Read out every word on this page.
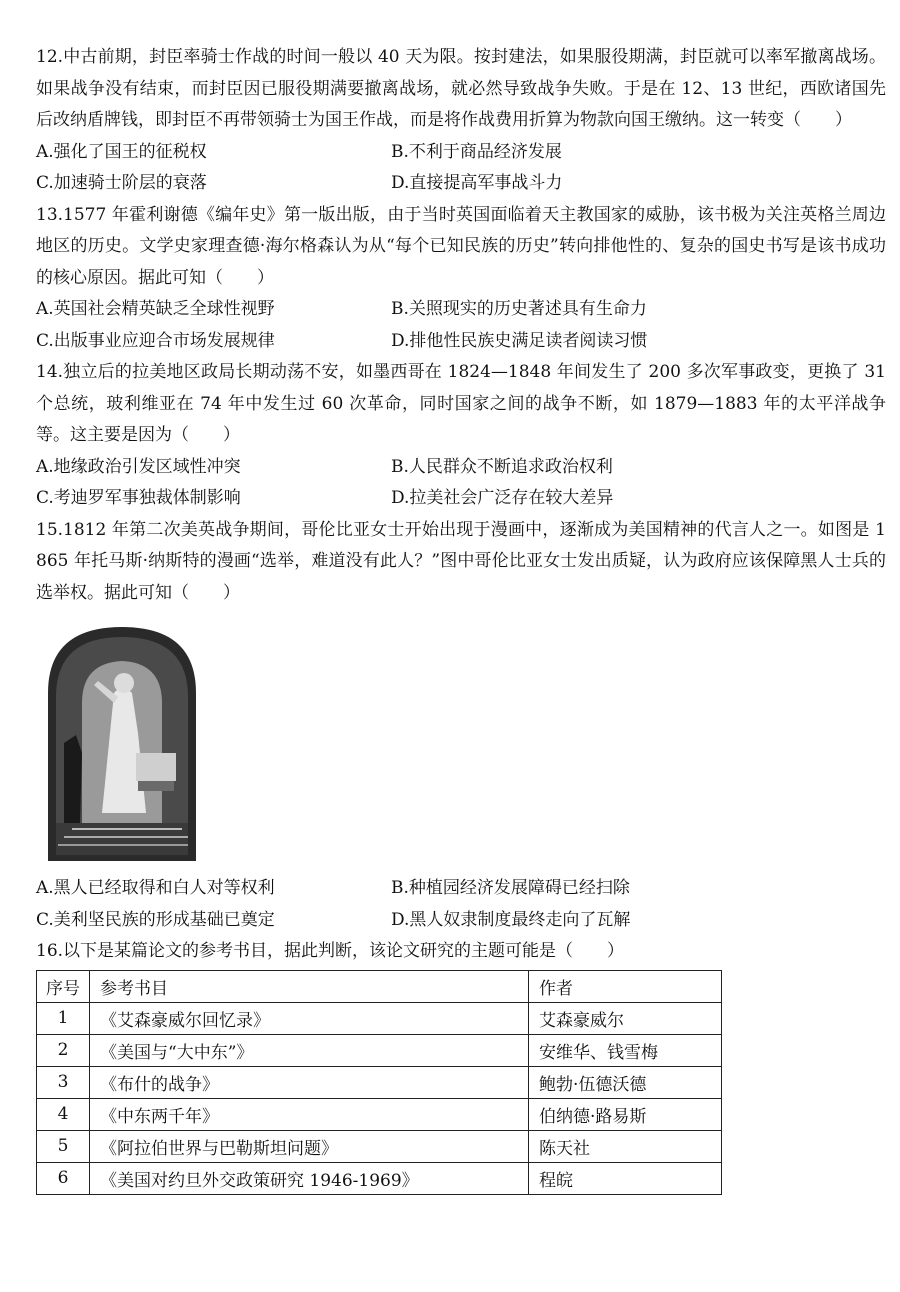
12.中古前期，封臣率骑士作战的时间一般以 40 天为限。按封建法，如果服役期满，封臣就可以率军撤离战场。如果战争没有结束，而封臣因已服役期满要撤离战场，就必然导致战争失败。于是在 12、13 世纪，西欧诸国先后改纳盾牌钱，即封臣不再带领骑士为国王作战，而是将作战费用折算为物款向国王缴纳。这一转变（　　）

A.强化了国王的征税权	B.不利于商品经济发展
C.加速骑士阶层的衰落	D.直接提高军事战斗力

13.1577 年霍利谢德《编年史》第一版出版，由于当时英国面临着天主教国家的威胁，该书极为关注英格兰周边地区的历史。文学史家理查德·海尔格森认为从“每个已知民族的历史”转向排他性的、复杂的国史书写是该书成功的核心原因。据此可知（　　）

A.英国社会精英缺乏全球性视野	B.关照现实的历史著述具有生命力
C.出版事业应迎合市场发展规律	D.排他性民族史满足读者阅读习惯

14.独立后的拉美地区政局长期动荡不安，如墨西哥在 1824—1848 年间发生了 200 多次军事政变，更换了 31 个总统，玻利维亚在 74 年中发生过 60 次革命，同时国家之间的战争不断，如 1879—1883 年的太平洋战争等。这主要是因为（　　）

A.地缘政治引发区域性冲突	B.人民群众不断追求政治权利
C.考迪罗军事独裁体制影响	D.拉美社会广泛存在较大差异

15.1812 年第二次美英战争期间，哥伦比亚女士开始出现于漫画中，逐渐成为美国精神的代言人之一。如图是 1865 年托马斯·纳斯特的漫画“选举，难道没有此人？”图中哥伦比亚女士发出质疑，认为政府应该保障黑人士兵的选举权。据此可知（　　）

A.黑人已经取得和白人对等权利	B.种植园经济发展障碍已经扫除
C.美利坚民族的形成基础已奠定	D.黑人奴隶制度最终走向了瓦解

16.以下是某篇论文的参考书目，据此判断，该论文研究的主题可能是（　　）

序号	参考书目	作者
1	《艾森豪威尔回忆录》	艾森豪威尔
2	《美国与“大中东”》	安维华、钱雪梅
3	《布什的战争》	鲍勃·伍德沃德
4	《中东两千年》	伯纳德·路易斯
5	《阿拉伯世界与巴勒斯坦问题》	陈天社
6	《美国对约旦外交政策研究 1946-1969》	程皖
